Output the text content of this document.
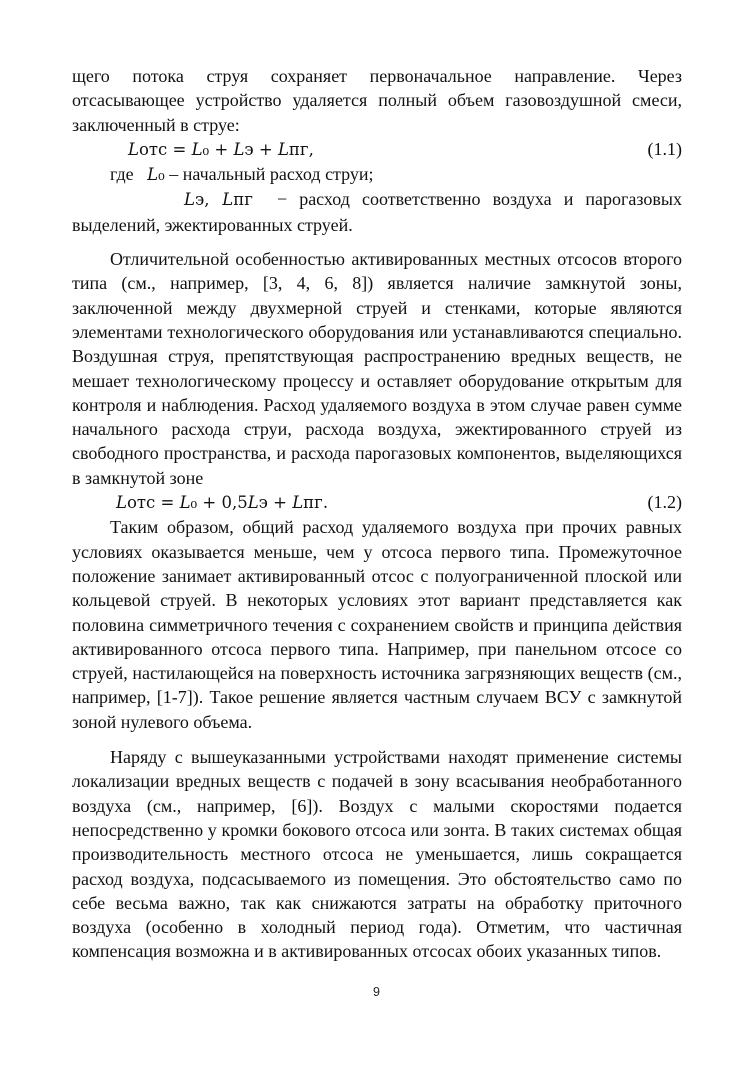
щего потока струя сохраняет первоначальное направление. Через отсасывающее устройство удаляется полный объем газовоздушной смеси, заключенный в струе:

𝐿отс = 𝐿₀ + 𝐿э + 𝐿пг,	(1.1)
где 𝐿₀ – начальный расход струи;

𝐿э, 𝐿пг − расход соответственно воздуха и парогазовых выделений, эжектированных струей.

Отличительной особенностью активированных местных отсосов второго типа (см., например, [3, 4, 6, 8]) является наличие замкнутой зоны, заключенной между двухмерной струей и стенками, которые являются элементами технологического оборудования или устанавливаются специально. Воздушная струя, препятствующая распространению вредных веществ, не мешает технологическому процессу и оставляет оборудование открытым для контроля и наблюдения. Расход удаляемого воздуха в этом случае равен сумме начального расхода струи, расхода воздуха, эжектированного струей из свободного пространства, и расхода парогазовых компонентов, выделяющихся в замкнутой зоне

𝐿отс = 𝐿₀ + 0,5𝐿э + 𝐿пг.	(1.2)

Таким образом, общий расход удаляемого воздуха при прочих равных условиях оказывается меньше, чем у отсоса первого типа. Промежуточное положение занимает активированный отсос с полуограниченной плоской или кольцевой струей. В некоторых условиях этот вариант представляется как половина симметричного течения с сохранением свойств и принципа действия активированного отсоса первого типа. Например, при панельном отсосе со струей, настилающейся на поверхность источника загрязняющих веществ (см., например, [1-7]). Такое решение является частным случаем ВСУ с замкнутой зоной нулевого объема.

Наряду с вышеуказанными устройствами находят применение системы локализации вредных веществ с подачей в зону всасывания необработанного воздуха (см., например, [6]). Воздух с малыми скоростями подается непосредственно у кромки бокового отсоса или зонта. В таких системах общая производительность местного отсоса не уменьшается, лишь сокращается расход воздуха, подсасываемого из помещения. Это обстоятельство само по себе весьма важно, так как снижаются затраты на обработку приточного воздуха (особенно в холодный период года). Отметим, что частичная компенсация возможна и в активированных отсосах обоих указанных типов.

9
